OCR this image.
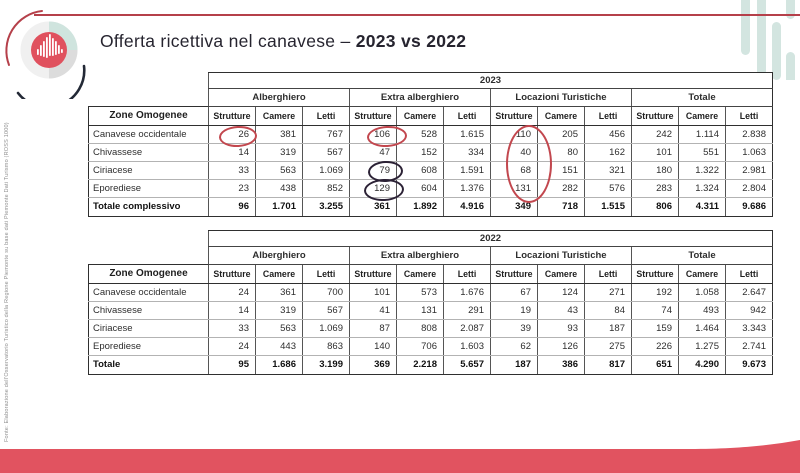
Offerta ricettiva nel canavese – 2023 vs 2022
Fonte: Elaborazione dell'Osservatorio Turistico della Regione Piemonte su base dati Piemonte Dati Turismo (ROSS 1000)
	2023											
	Alberghiero			Extra alberghiero			Locazioni Turistiche			Totale		
Zone Omogenee	Strutture	Camere	Letti	Strutture	Camere	Letti	Strutture	Camere	Letti	Strutture	Camere	Letti
Canavese occidentale	26	381	767	106	528	1.615	110	205	456	242	1.114	2.838
Chivassese	14	319	567	47	152	334	40	80	162	101	551	1.063
Ciriacese	33	563	1.069	79	608	1.591	68	151	321	180	1.322	2.981
Eporediese	23	438	852	129	604	1.376	131	282	576	283	1.324	2.804
Totale complessivo	96	1.701	3.255	361	1.892	4.916	349	718	1.515	806	4.311	9.686
	2022											
	Alberghiero			Extra alberghiero			Locazioni Turistiche			Totale		
Zone Omogenee	Strutture	Camere	Letti	Strutture	Camere	Letti	Strutture	Camere	Letti	Strutture	Camere	Letti
Canavese occidentale	24	361	700	101	573	1.676	67	124	271	192	1.058	2.647
Chivassese	14	319	567	41	131	291	19	43	84	74	493	942
Ciriacese	33	563	1.069	87	808	2.087	39	93	187	159	1.464	3.343
Eporediese	24	443	863	140	706	1.603	62	126	275	226	1.275	2.741
Totale	95	1.686	3.199	369	2.218	5.657	187	386	817	651	4.290	9.673
